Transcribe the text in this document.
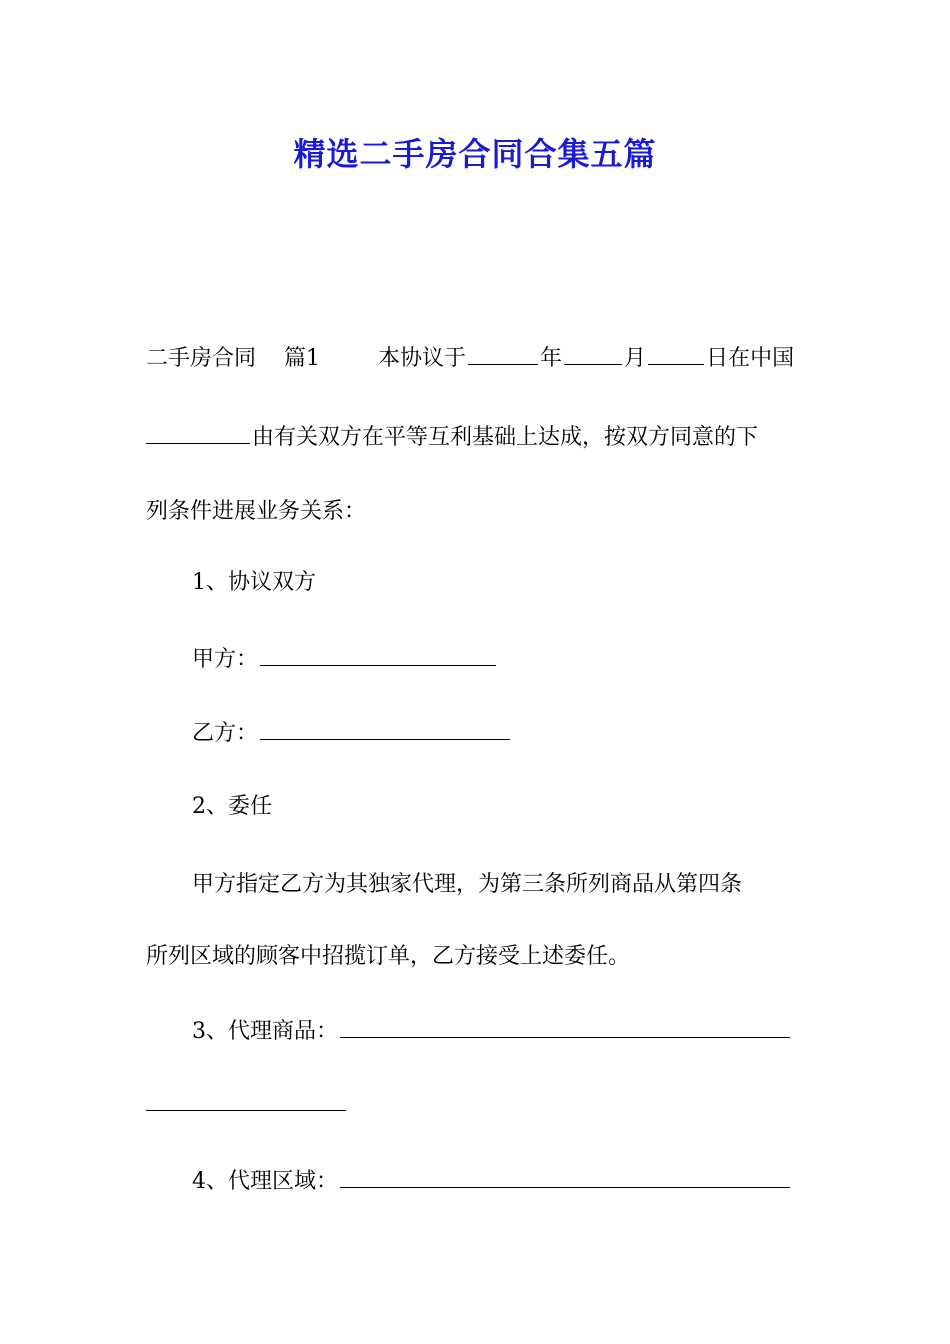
精选二手房合同合集五篇
二手房合同 篇1	本协议于	年	月	日在中国
由有关双方在平等互利基础上达成，按双方同意的下
列条件进展业务关系：
1、协议双方
甲方：
乙方：
2、委任
甲方指定乙方为其独家代理，为第三条所列商品从第四条
所列区域的顾客中招揽订单，乙方接受上述委任。
3、代理商品：
4、代理区域：
